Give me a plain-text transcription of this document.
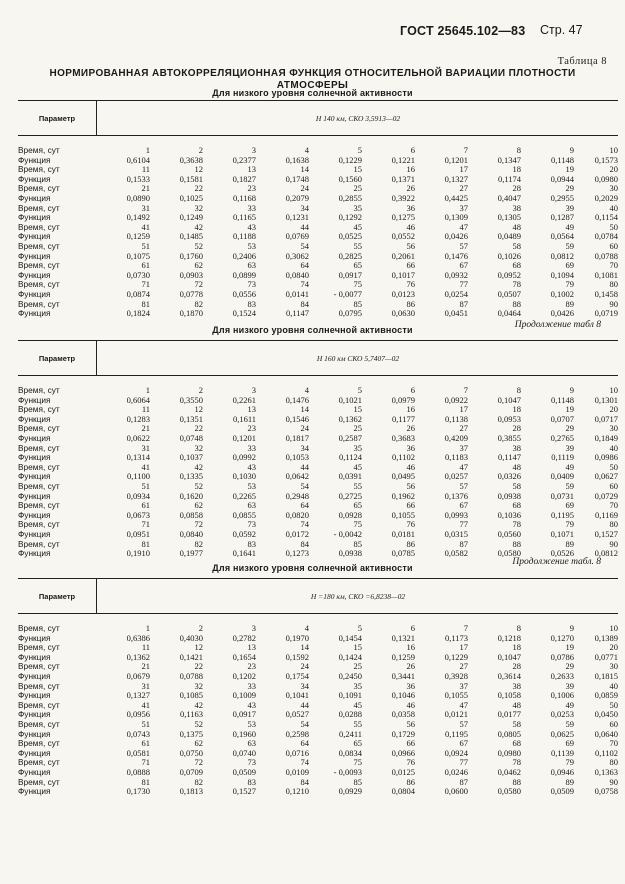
ГОСТ 25645.102—83 Стр. 47
Таблица 8
НОРМИРОВАННАЯ АВТОКОРРЕЛЯЦИОННАЯ ФУНКЦИЯ ОТНОСИТЕЛЬНОЙ ВАРИАЦИИ ПЛОТНОСТИ
АТМОСФЕРЫ
Для низкого уровня солнечной активности
Параметр	H 140 км, СКО 3,5913—02
Время, сут	1	2	3	4	5	6	7	8	9	10
Функция	0,6104	0,3638	0,2377	0,1638	0,1229	0,1221	0,1201	0,1347	0,1148 0,1573
Время, сут	11	12	13	14	15	16	17	18	19	20
Функция	0,1533	0,1581	0,1827	0,1748	0,1560	0,1371	0,1327	0,1174	0,0944 0,0980
Время, сут	21	22	23	24	25	26	27	28	29	30
Функция	0,0890	0,1025	0,1168	0,2079	0,2855	0,3922	0,4425	0,4047	0,2955 0,2029
Время, сут	31	32	33	34	35	36	37	38	39	40
Функция	0,1492	0,1249	0,1165	0,1231	0,1292	0,1275	0,1309	0,1305	0,1287 0,1154
Время, сут	41	42	43	44	45	46	47	48	49	50
Функция	0,1259	0,1485	0,1188	0,0769	0,0525	0,0552	0,0426	0,0489	0,0564 0,0784
Время, сут	51	52	53	54	55	56	57	58	59	60
Функция	0,1075	0,1760	0,2406	0,3062	0,2825	0,2061	0,1476	0,1026	0,0812 0,0788
Время, сут	61	62	63	64	65	66	67	68	69	70
Функция	0,0730	0,0903	0,0899	0,0840	0,0917	0,1017	0,0932	0,0952	0,1094 0,1081
Время, сут	71	72	73	74	75	76	77	78	79	80
Функция	0,0874	0,0778	0,0556	0,0141	- 0,0077	0,0123	0,0254	0,0507	0,1002 0,1458
Время, сут	81	82	83	84	85	86	87	88	89	90
Функция	0,1824	0,1870	0,1524	0,1147	0,0795	0,0630	0,0451	0,0464	0,0426 0,0719
Продолжение табл 8
Для низкого уровня солнечной активности
Параметр	H 160 км СКО 5,7407—02
Время, сут	1	2	3	4	5	6	7	8	9	10
Функция	0,6064	0,3550	0,2261	0,1476	0,1021	0,0979	0,0922	0,1047	0,1148 0,1301
Время, сут	11	12	13	14	15	16	17	18	19	20
Функция	0,1283	0,1351	0,1611	0,1546	0,1362	0,1177	0,1138	0,0953	0,0707 0,0717
Время, сут	21	22	23	24	25	26	27	28	29	30
Функция	0,0622	0,0748	0,1201	0,1817	0,2587	0,3683	0,4209	0,3855	0,2765 0,1849
Время, сут	31	32	33	34	35	36	37	38	39	40
Функция	0,1314	0,1037	0,0992	0,1053	0,1124	0,1102	0,1183	0,1147	0,1119 0,0986
Время, сут	41	42	43	44	45	46	47	48	49	50
Функция	0,1100	0,1335	0,1030	0,0642	0,0391	0,0495	0,0257	0,0326	0,0409 0,0627
Время, сут	51	52	53	54	55	56	57	58	59	60
Функция	0,0934	0,1620	0,2265	0,2948	0,2725	0,1962	0,1376	0,0938	0,0731 0,0729
Время, сут	61	62	63	64	65	66	67	68	69	70
Функция	0,0673	0,0858	0,0855	0,0820	0,0928	0,1055	0,0993	0,1036	0,1195 0,1169
Время, сут	71	72	73	74	75	76	77	78	79	80
Функция	0,0951	0,0840	0,0592	0,0172	- 0,0042	0,0181	0,0315	0,0560	0,1071 0,1527
Время, сут	81	82	83	84	85	86	87	88	89	90
Функция	0,1910	0,1977	0,1641	0,1273	0,0938	0,0785	0,0582	0,0580	0,0526 0,0812
Продолжение табл. 8
Для низкого уровня солнечной активности
Параметр	H =180 км, СКО =6,8238—02
Время, сут	1	2	3	4	5	6	7	8	9	10
Функция	0,6386	0,4030	0,2782	0,1970	0,1454	0,1321	0,1173	0,1218	0,1270 0,1389
Время, сут	11	12	13	14	15	16	17	18	19	20
Функция	0,1362	0,1421	0,1654	0,1592	0,1424	0,1259	0,1229	0,1047	0,0786 0,0771
Время, сут	21	22	23	24	25	26	27	28	29	30
Функция	0,0679	0,0788	0,1202	0,1754	0,2450	0,3441	0,3928	0,3614	0,2633 0,1815
Время, сут	31	32	33	34	35	36	37	38	39	40
Функция	0,1327	0,1085	0,1009	0,1041	0,1091	0,1046	0,1055	0,1058	0,1006 0,0859
Время, сут	41	42	43	44	45	46	47	48	49	50
Функция	0,0956	0,1163	0,0917	0,0527	0,0288	0,0358	0,0121	0,0177	0,0253 0,0450
Время, сут	51	52	53	54	55	56	57	58	59	60
Функция	0,0743	0,1375	0,1960	0,2598	0,2411	0,1729	0,1195	0,0805	0,0625 0,0640
Время, сут	61	62	63	64	65	66	67	68	69	70
Функция	0,0581	0,0750	0,0740	0,0716	0,0834	0,0966	0,0924	0,0980	0,1139 0,1102
Время, сут	71	72	73	74	75	76	77	78	79	80
Функция	0,0888	0,0709	0,0509	0,0109	- 0,0093	0,0125	0,0246	0,0462	0,0946 0,1363
Время, сут	81	82	83	84	85	86	87	88	89	90
Функция	0,1730	0,1813	0,1527	0,1210	0,0929	0,0804	0,0600	0,0580	0,0509 0,0758
